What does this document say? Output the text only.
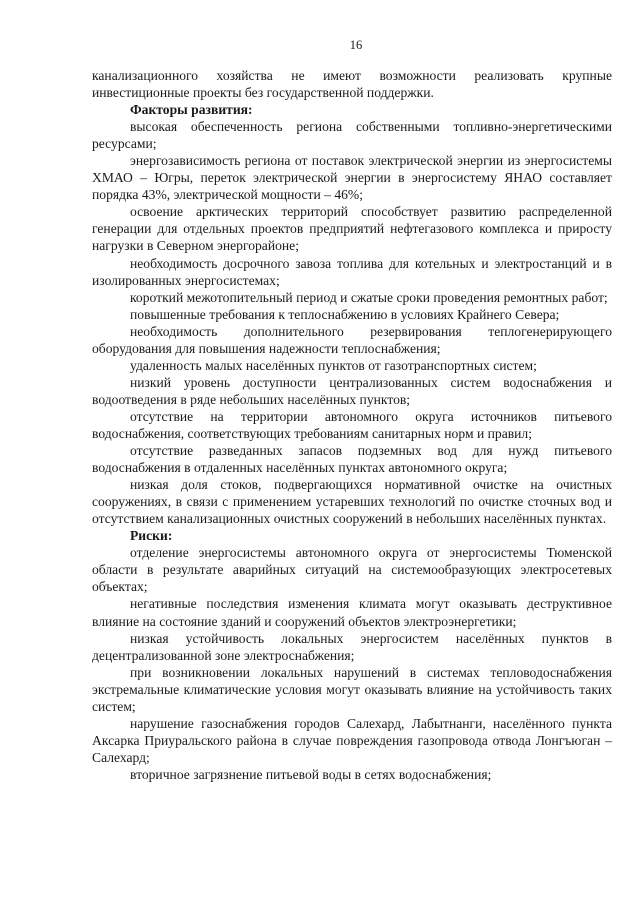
16

канализационного хозяйства не имеют возможности реализовать крупные инвестиционные проекты без государственной поддержки.

Факторы развития:

высокая обеспеченность региона собственными топливно-энергетическими ресурсами;

энергозависимость региона от поставок электрической энергии из энергосистемы ХМАО – Югры, переток электрической энергии в энергосистему ЯНАО составляет порядка 43%, электрической мощности – 46%;

освоение арктических территорий способствует развитию распределенной генерации для отдельных проектов предприятий нефтегазового комплекса и приросту нагрузки в Северном энергорайоне;

необходимость досрочного завоза топлива для котельных и электростанций и в изолированных энергосистемах;

короткий межотопительный период и сжатые сроки проведения ремонтных работ;

повышенные требования к теплоснабжению в условиях Крайнего Севера;

необходимость дополнительного резервирования теплогенерирующего оборудования для повышения надежности теплоснабжения;

удаленность малых населённых пунктов от газотранспортных систем;

низкий уровень доступности централизованных систем водоснабжения и водоотведения в ряде небольших населённых пунктов;

отсутствие на территории автономного округа источников питьевого водоснабжения, соответствующих требованиям санитарных норм и правил;

отсутствие разведанных запасов подземных вод для нужд питьевого водоснабжения в отдаленных населённых пунктах автономного округа;

низкая доля стоков, подвергающихся нормативной очистке на очистных сооружениях, в связи с применением устаревших технологий по очистке сточных вод и отсутствием канализационных очистных сооружений в небольших населённых пунктах.

Риски:

отделение энергосистемы автономного округа от энергосистемы Тюменской области в результате аварийных ситуаций на системообразующих электросетевых объектах;

негативные последствия изменения климата могут оказывать деструктивное влияние на состояние зданий и сооружений объектов электроэнергетики;

низкая устойчивость локальных энергосистем населённых пунктов в децентрализованной зоне электроснабжения;

при возникновении локальных нарушений в системах тепловодоснабжения экстремальные климатические условия могут оказывать влияние на устойчивость таких систем;

нарушение газоснабжения городов Салехард, Лабытнанги, населённого пункта Аксарка Приуральского района в случае повреждения газопровода отвода Лонгъюган – Салехард;

вторичное загрязнение питьевой воды в сетях водоснабжения;
